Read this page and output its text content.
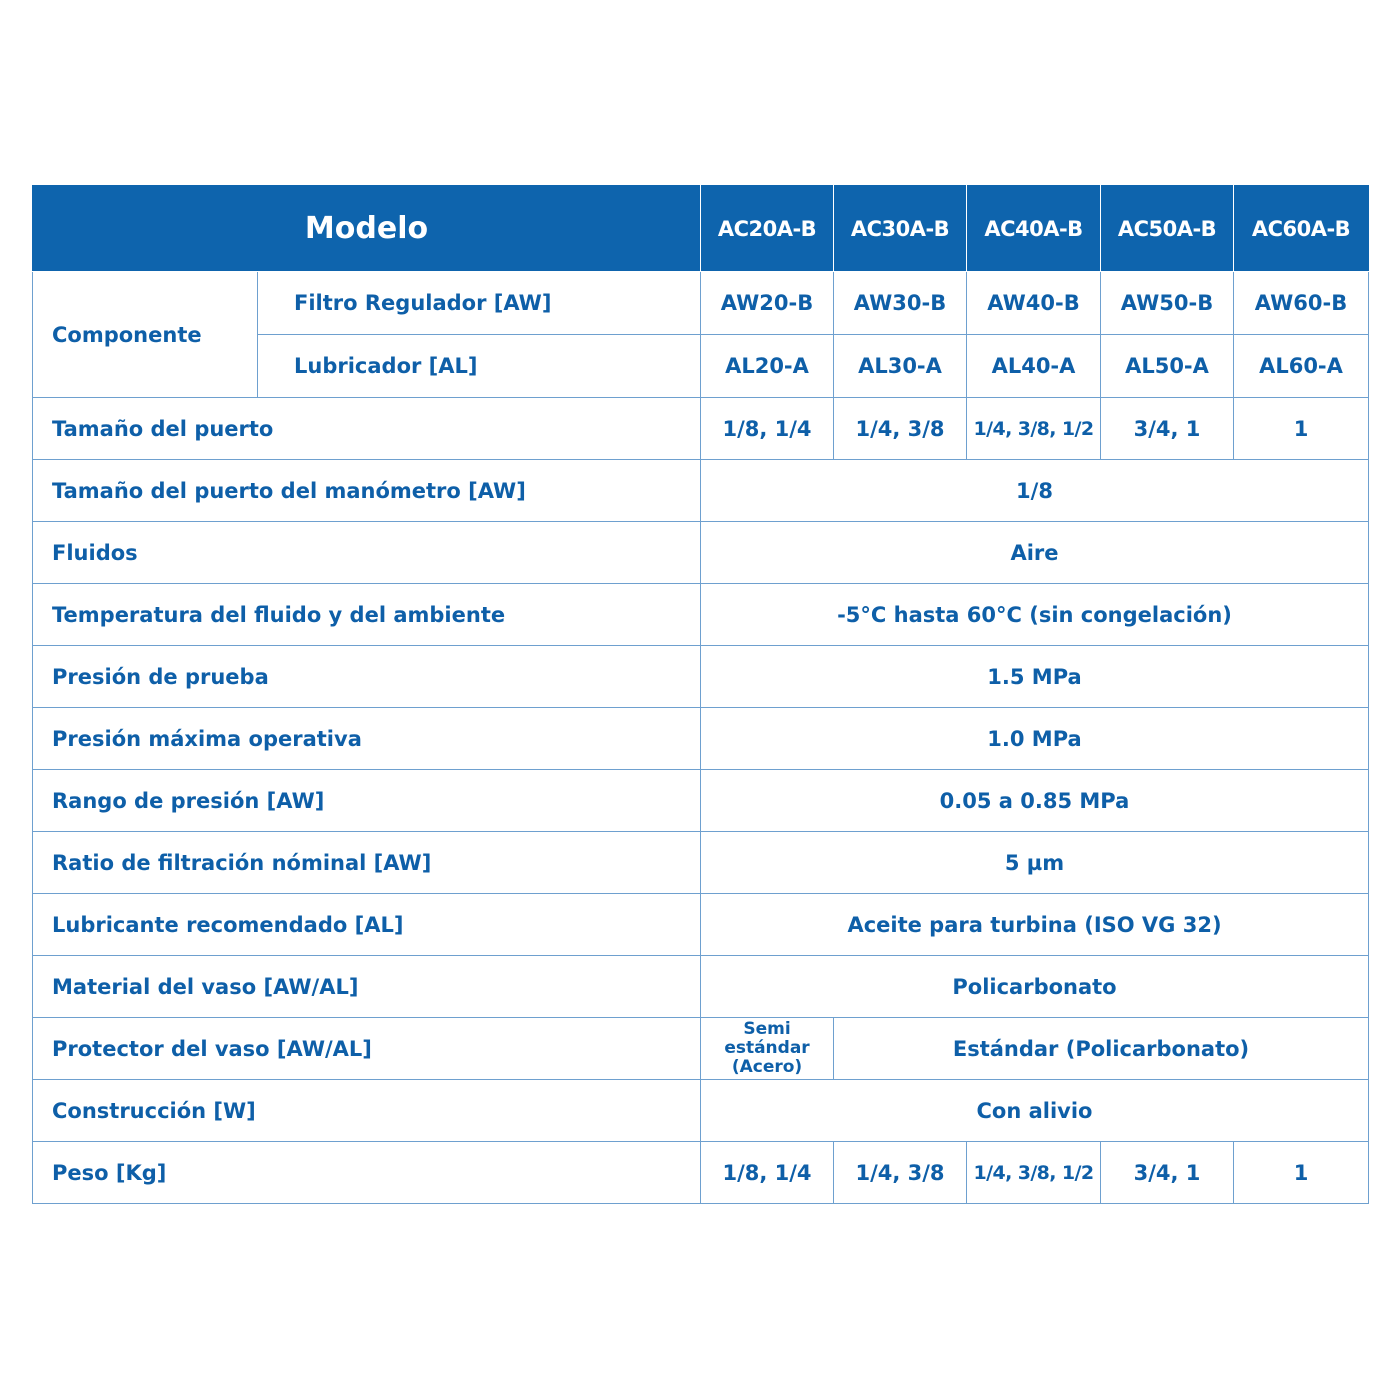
Modelo		AC20A-B	AC30A-B	AC40A-B	AC50A-B	AC60A-B
Componente	Filtro Regulador [AW]	AW20-B	AW30-B	AW40-B	AW50-B	AW60-B
	Lubricador [AL]	AL20-A	AL30-A	AL40-A	AL50-A	AL60-A
Tamaño del puerto		1/8, 1/4	1/4, 3/8	1/4, 3/8, 1/2	3/4, 1	1
Tamaño del puerto del manómetro [AW]		1/8				
Fluidos		Aire				
Temperatura del fluido y del ambiente		-5°C hasta 60°C (sin congelación)				
Presión de prueba		1.5 MPa				
Presión máxima operativa		1.0 MPa				
Rango de presión [AW]		0.05 a 0.85 MPa				
Ratio de filtración nóminal [AW]		5 µm				
Lubricante recomendado [AL]		Aceite para turbina (ISO VG 32)				
Material del vaso [AW/AL]		Policarbonato				
Protector del vaso [AW/AL]		Semi estándar (Acero)	Estándar (Policarbonato)			
Construcción [W]		Con alivio				
Peso [Kg]		1/8, 1/4	1/4, 3/8	1/4, 3/8, 1/2	3/4, 1	1
